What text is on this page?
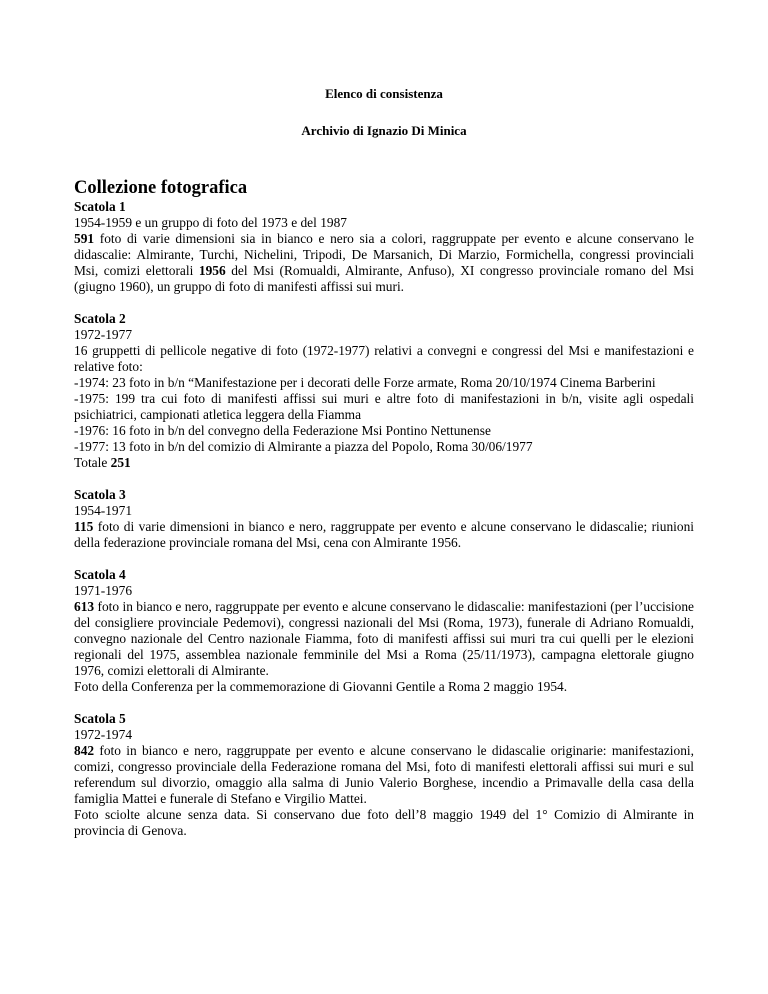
Elenco di consistenza
Archivio di Ignazio Di Minica
Collezione fotografica
Scatola 1
1954-1959 e un gruppo di foto del 1973 e del 1987

591 foto di varie dimensioni sia in bianco e nero sia a colori, raggruppate per evento e alcune conservano le didascalie: Almirante, Turchi, Nichelini, Tripodi, De Marsanich, Di Marzio, Formichella, congressi provinciali Msi, comizi elettorali 1956 del Msi (Romualdi, Almirante, Anfuso), XI congresso provinciale romano del Msi (giugno 1960), un gruppo di foto di manifesti affissi sui muri.

Scatola 2
1972-1977

16 gruppetti di pellicole negative di foto (1972-1977) relativi a convegni e congressi del Msi e manifestazioni e relative foto:

-1974: 23 foto in b/n “Manifestazione per i decorati delle Forze armate, Roma 20/10/1974 Cinema Barberini

-1975: 199 tra cui foto di manifesti affissi sui muri e altre foto di manifestazioni in b/n, visite agli ospedali psichiatrici, campionati atletica leggera della Fiamma

-1976: 16 foto in b/n del convegno della Federazione Msi Pontino Nettunense

-1977: 13 foto in b/n del comizio di Almirante a piazza del Popolo, Roma 30/06/1977

Totale 251

Scatola 3
1954-1971

115 foto di varie dimensioni in bianco e nero, raggruppate per evento e alcune conservano le didascalie; riunioni della federazione provinciale romana del Msi, cena con Almirante 1956.

Scatola 4
1971-1976

613 foto in bianco e nero, raggruppate per evento e alcune conservano le didascalie: manifestazioni (per l’uccisione del consigliere provinciale Pedemovi), congressi nazionali del Msi (Roma, 1973), funerale di Adriano Romualdi, convegno nazionale del Centro nazionale Fiamma, foto di manifesti affissi sui muri tra cui quelli per le elezioni regionali del 1975, assemblea nazionale femminile del Msi a Roma (25/11/1973), campagna elettorale giugno 1976, comizi elettorali di Almirante.

Foto della Conferenza per la commemorazione di Giovanni Gentile a Roma 2 maggio 1954.

Scatola 5
1972-1974

842 foto in bianco e nero, raggruppate per evento e alcune conservano le didascalie originarie: manifestazioni, comizi, congresso provinciale della Federazione romana del Msi, foto di manifesti elettorali affissi sui muri e sul referendum sul divorzio, omaggio alla salma di Junio Valerio Borghese, incendio a Primavalle della casa della famiglia Mattei e funerale di Stefano e Virgilio Mattei.

Foto sciolte alcune senza data. Si conservano due foto dell’8 maggio 1949 del 1° Comizio di Almirante in provincia di Genova.
